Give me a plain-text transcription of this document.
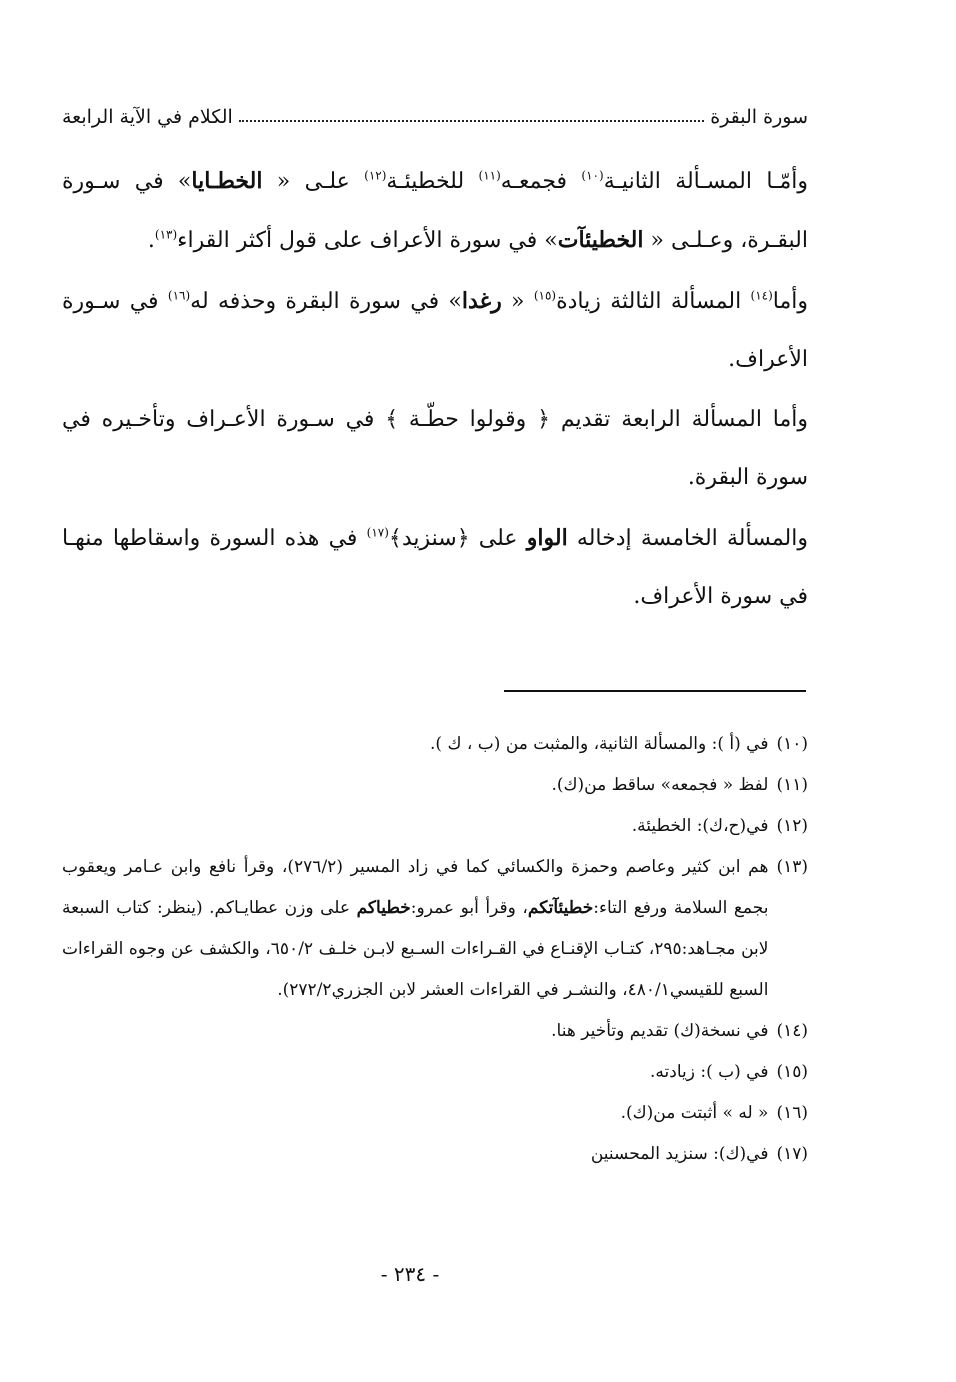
سورة البقرة
الكلام في الآية الرابعة

وأمّـا المسـألة الثانيـة$^{(١٠)}$ فجمعـه$^{(١١)}$ للخطيئـة$^{(١٢)}$ علـى « الخطـايا» في سـورة البقـرة، وعـلـى « الخطيئآت» في سورة الأعراف على قول أكثر القراء$^{(١٣)}$.

وأما$^{(١٤)}$ المسألة الثالثة زيادة$^{(١٥)}$ « رغدا» في سورة البقرة وحذفه له$^{(١٦)}$ في سـورة الأعراف.

وأما المسألة الرابعة تقديم ﴿ وقولوا حطّـة ﴾ في سـورة الأعـراف وتأخـيره في سورة البقرة.

والمسألة الخامسة إدخاله الواو على ﴿سنزيد﴾$^{(١٧)}$ في هذه السورة واسقاطها منهـا في سورة الأعراف.

(١٠)
في (أ ): والمسألة الثانية، والمثبت من (ب ، ك ).
(١١)
لفظ « فجمعه» ساقط من(ك).
(١٢)
في(ح،ك): الخطيئة.
(١٣)
هم ابن كثير وعاصم وحمزة والكسائي كما في زاد المسير (٢٧٦/٢)، وقرأ نافع وابن عـامر ويعقوب بجمع السلامة ورفع التاء:خطيئآتكم، وقرأ أبو عمرو:خطياكم على وزن عطايـاكم. (ينظر: كتاب السبعة لابن مجـاهد:٢٩٥، كتـاب الإقنـاع في القـراءات السـبع لابـن خلـف ٦٥٠/٢، والكشف عن وجوه القراءات السبع للقيسي٤٨٠/١، والنشـر في القراءات العشر لابن الجزري٢٧٢/٢).
(١٤)
في نسخة(ك) تقديم وتأخير هنا.
(١٥)
في (ب ): زيادته.
(١٦)
« له » أثبتت من(ك).
(١٧)
في(ك): سنزيد المحسنين
- ٢٣٤ -
